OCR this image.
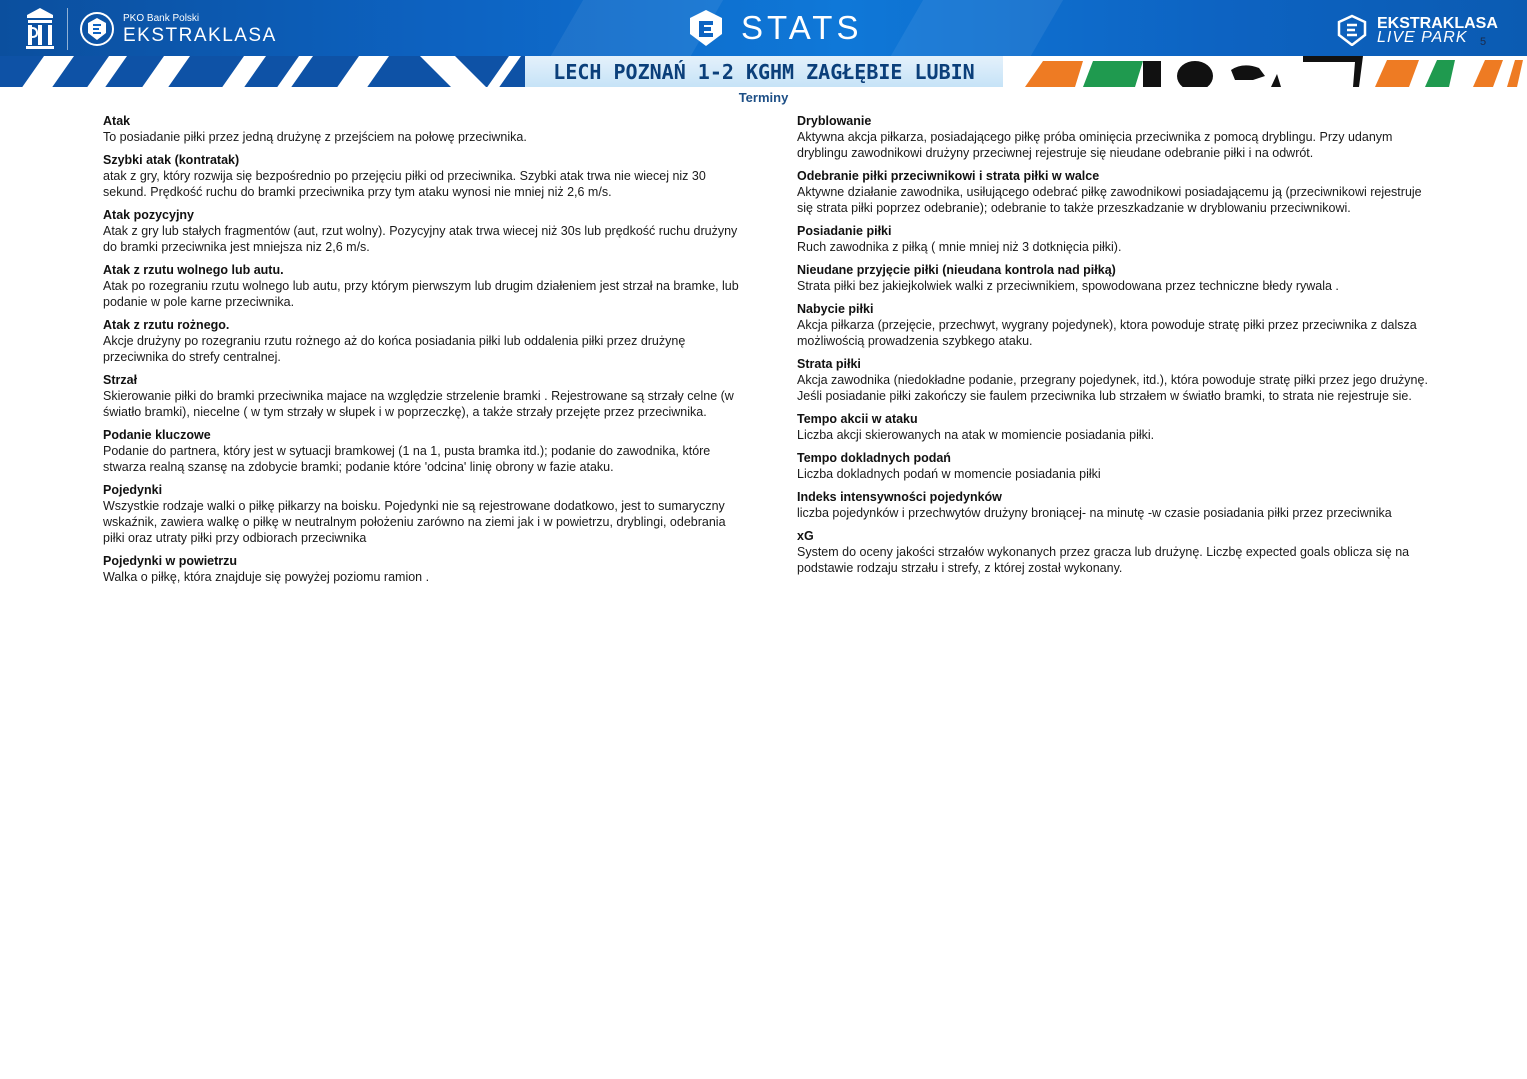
PKO Bank Polski
EKSTRAKLASA	STATS	EKSTRAKLASA
LIVE PARK 5
LECH POZNAŃ 1-2 KGHM ZAGŁĘBIE LUBIN
Terminy
Atak
To posiadanie piłki przez jedną drużynę z przejściem na połowę przeciwnika.
Szybki atak (kontratak)
atak z gry, który rozwija się bezpośrednio po przejęciu piłki od przeciwnika. Szybki atak trwa nie wiecej niz 30 sekund. Prędkość ruchu do bramki przeciwnika przy tym ataku wynosi nie mniej niż 2,6 m/s.
Atak pozycyjny
Atak z gry lub stałych fragmentów (aut, rzut wolny). Pozycyjny atak trwa wiecej niż 30s lub prędkość ruchu drużyny do bramki przeciwnika jest mniejsza niz 2,6 m/s.
Atak z rzutu wolnego lub autu.
Atak po rozegraniu rzutu wolnego lub autu, przy którym pierwszym lub drugim działeniem jest strzał na bramke, lub podanie w pole karne przeciwnika.
Atak z rzutu rożnego.
Akcje drużyny po rozegraniu rzutu rożnego aż do końca posiadania piłki lub oddalenia piłki przez drużynę przeciwnika do strefy centralnej.
Strzał
Skierowanie piłki do bramki przeciwnika majace na względzie strzelenie bramki . Rejestrowane są strzały celne (w światło bramki), niecelne ( w tym strzały w słupek i w poprzeczkę), a także strzały przejęte przez przeciwnika.
Podanie kluczowe
Podanie do partnera, który jest w sytuacji bramkowej (1 na 1, pusta bramka itd.); podanie do zawodnika, które stwarza realną szansę na zdobycie bramki; podanie które 'odcina' linię obrony w fazie ataku.
Pojedynki
Wszystkie rodzaje walki o piłkę piłkarzy na boisku. Pojedynki nie są rejestrowane dodatkowo, jest to sumaryczny wskaźnik, zawiera walkę o piłkę w neutralnym położeniu zarówno na ziemi jak i w powietrzu, dryblingi, odebrania piłki oraz utraty piłki przy odbiorach przeciwnika
Pojedynki w powietrzu
Walka o piłkę, która znajduje się powyżej poziomu ramion .
Dryblowanie
Aktywna akcja piłkarza, posiadającego piłkę próba ominięcia przeciwnika z pomocą dryblingu. Przy udanym dryblingu zawodnikowi drużyny przeciwnej rejestruje się nieudane odebranie piłki i na odwrót.
Odebranie piłki przeciwnikowi i strata piłki w walce
Aktywne działanie zawodnika, usiłującego odebrać piłkę zawodnikowi posiadającemu ją (przeciwnikowi rejestruje się strata piłki poprzez odebranie); odebranie to także przeszkadzanie w dryblowaniu przeciwnikowi.
Posiadanie piłki
Ruch zawodnika z piłką ( mnie mniej niż 3 dotknięcia piłki).
Nieudane przyjęcie piłki (nieudana kontrola nad piłką)
Strata piłki bez jakiejkolwiek walki z przeciwnikiem, spowodowana przez techniczne błedy rywala .
Nabycie piłki
Akcja piłkarza (przejęcie, przechwyt, wygrany pojedynek), ktora powoduje stratę piłki przez przeciwnika z dalsza możliwością prowadzenia szybkego ataku.
Strata piłki
Akcja zawodnika (niedokładne podanie, przegrany pojedynek, itd.), która powoduje stratę piłki przez jego drużynę. Jeśli posiadanie piłki zakończy sie faulem przeciwnika lub strzałem w światło bramki, to strata nie rejestruje sie.
Tempo akcii w ataku
Liczba akcji skierowanych na atak w momiencie posiadania piłki.
Tempo dokladnych podań
Liczba dokladnych podań w momencie posiadania piłki
Indeks intensywności pojedynków
liczba pojedynków i przechwytów drużyny broniącej- na minutę -w czasie posiadania piłki przez przeciwnika
xG
System do oceny jakości strzałów wykonanych przez gracza lub drużynę. Liczbę expected goals oblicza się na podstawie rodzaju strzału i strefy, z której został wykonany.
